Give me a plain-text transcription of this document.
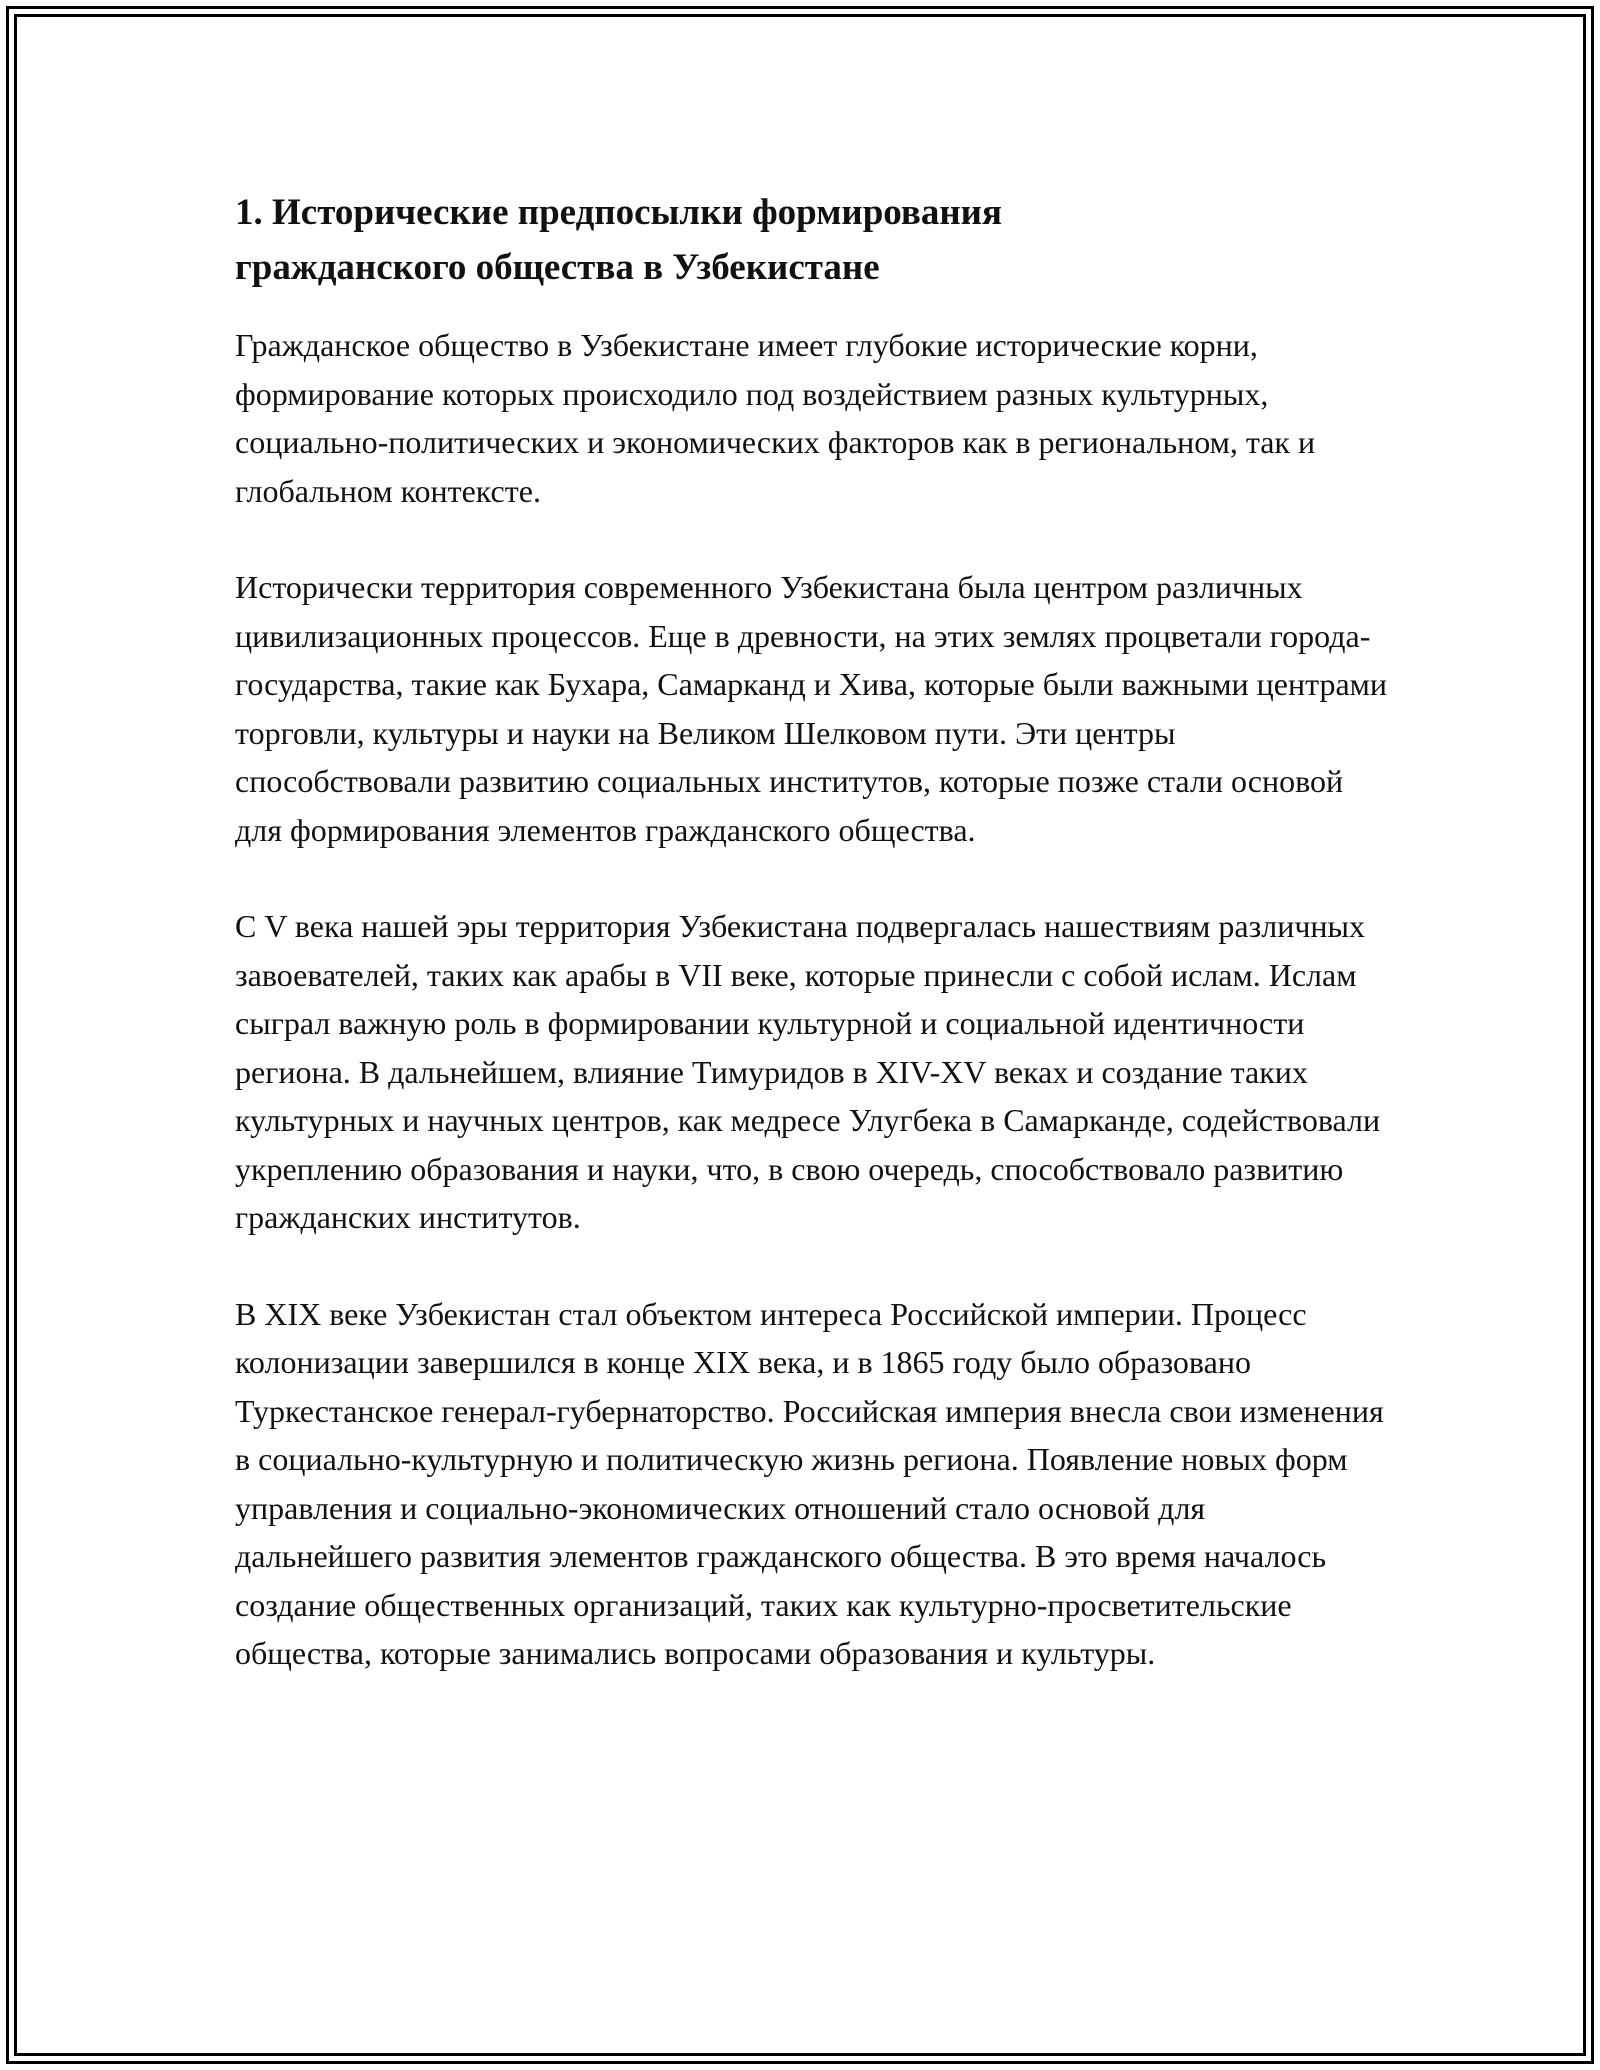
1. Исторические предпосылки формирования гражданского общества в Узбекистане

Гражданское общество в Узбекистане имеет глубокие исторические корни, формирование которых происходило под воздействием разных культурных, социально-политических и экономических факторов как в региональном, так и глобальном контексте.

Исторически территория современного Узбекистана была центром различных цивилизационных процессов. Еще в древности, на этих землях процветали города-государства, такие как Бухара, Самарканд и Хива, которые были важными центрами торговли, культуры и науки на Великом Шелковом пути. Эти центры способствовали развитию социальных институтов, которые позже стали основой для формирования элементов гражданского общества.

С V века нашей эры территория Узбекистана подвергалась нашествиям различных завоевателей, таких как арабы в VII веке, которые принесли с собой ислам. Ислам сыграл важную роль в формировании культурной и социальной идентичности региона. В дальнейшем, влияние Тимуридов в XIV-XV веках и создание таких культурных и научных центров, как медресе Улугбека в Самарканде, содействовали укреплению образования и науки, что, в свою очередь, способствовало развитию гражданских институтов.

В XIX веке Узбекистан стал объектом интереса Российской империи. Процесс колонизации завершился в конце XIX века, и в 1865 году было образовано Туркестанское генерал-губернаторство. Российская империя внесла свои изменения в социально-культурную и политическую жизнь региона. Появление новых форм управления и социально-экономических отношений стало основой для дальнейшего развития элементов гражданского общества. В это время началось создание общественных организаций, таких как культурно-просветительские общества, которые занимались вопросами образования и культуры.
